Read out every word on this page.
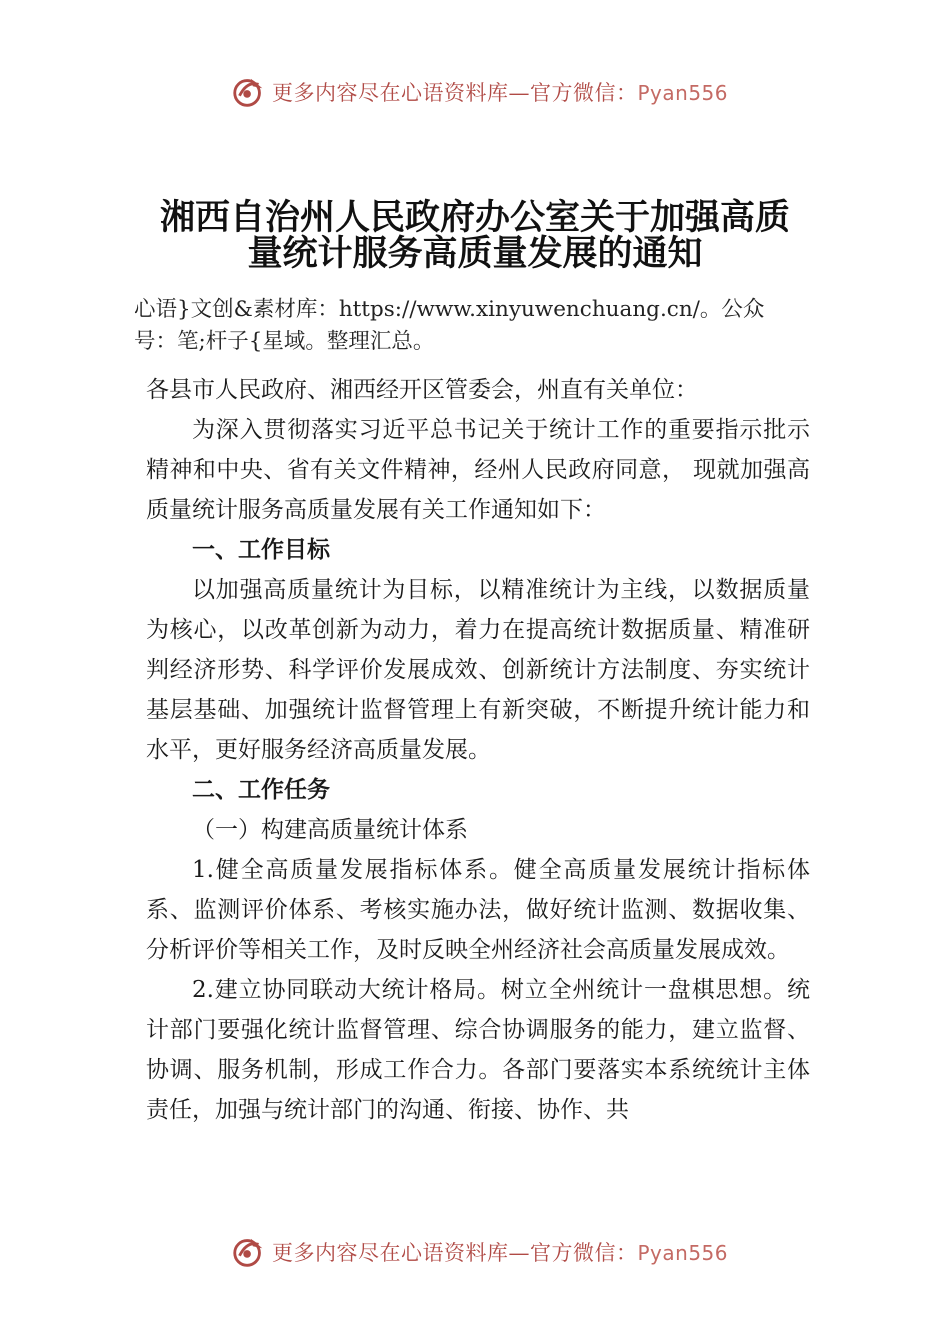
更多内容尽在心语资料库—官方微信：Pyan556
湘西自治州人民政府办公室关于加强高质
量统计服务高质量发展的通知
心语}文创&素材库：https://www.xinyuwenchuang.cn/。公众
号：笔;杆子{星域。整理汇总。

各县市人民政府、湘西经开区管委会，州直有关单位：

为深入贯彻落实习近平总书记关于统计工作的重要指示批示精神和中央、省有关文件精神，经州人民政府同意， 现就加强高质量统计服务高质量发展有关工作通知如下：

一、工作目标

以加强高质量统计为目标，以精准统计为主线，以数据质量为核心，以改革创新为动力，着力在提高统计数据质量、精准研判经济形势、科学评价发展成效、创新统计方法制度、夯实统计基层基础、加强统计监督管理上有新突破，不断提升统计能力和水平，更好服务经济高质量发展。

二、工作任务

（一）构建高质量统计体系

1.健全高质量发展指标体系。健全高质量发展统计指标体系、监测评价体系、考核实施办法，做好统计监测、数据收集、分析评价等相关工作，及时反映全州经济社会高质量发展成效。

2.建立协同联动大统计格局。树立全州统计一盘棋思想。统计部门要强化统计监督管理、综合协调服务的能力，建立监督、协调、服务机制，形成工作合力。各部门要落实本系统统计主体责任，加强与统计部门的沟通、衔接、协作、共

更多内容尽在心语资料库—官方微信：Pyan556
